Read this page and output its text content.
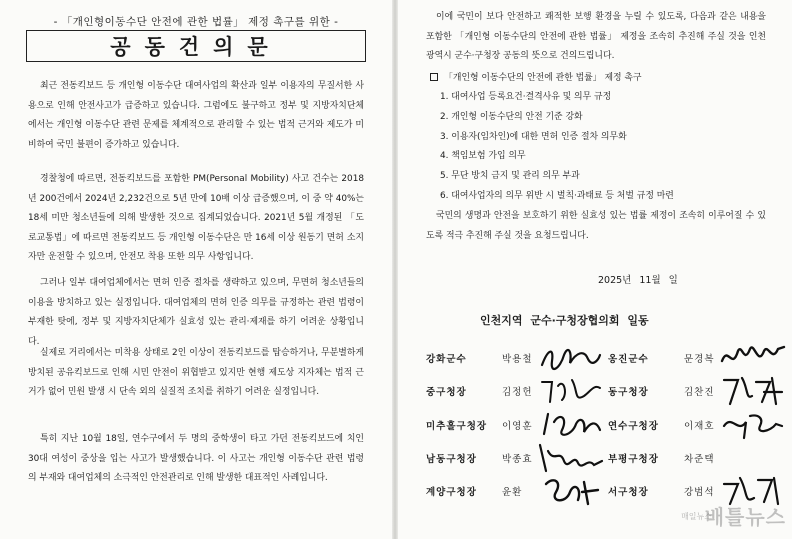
- 「개인형이동수단 안전에 관한 법률」 제정 촉구를 위한 -
공동건의문

최근 전동킥보드 등 개인형 이동수단 대여사업의 확산과 일부 이용자의 무질서한 사용으로 인해 안전사고가 급증하고 있습니다. 그럼에도 불구하고 정부 및 지방자치단체에서는 개인형 이동수단 관련 문제를 체계적으로 관리할 수 있는 법적 근거와 제도가 미비하여 국민 불편이 증가하고 있습니다.

경찰청에 따르면, 전동킥보드를 포함한 PM(Personal Mobility) 사고 건수는 2018년 200건에서 2024년 2,232건으로 5년 만에 10배 이상 급증했으며, 이 중 약 40%는 18세 미만 청소년들에 의해 발생한 것으로 집계되었습니다. 2021년 5월 개정된 「도로교통법」에 따르면 전동킥보드 등 개인형 이동수단은 만 16세 이상 원동기 면허 소지자만 운전할 수 있으며, 안전모 착용 또한 의무 사항입니다.

그러나 일부 대여업체에서는 면허 인증 절차를 생략하고 있으며, 무면허 청소년들의 이용을 방치하고 있는 실정입니다. 대여업체의 면허 인증 의무를 규정하는 관련 법령이 부재한 탓에, 정부 및 지방자치단체가 실효성 있는 관리·제재를 하기 어려운 상황입니다.

실제로 거리에서는 미착용 상태로 2인 이상이 전동킥보드를 탑승하거나, 무분별하게 방치된 공유킥보드로 인해 시민 안전이 위협받고 있지만 현행 제도상 지자체는 법적 근거가 없어 민원 발생 시 단속 외의 실질적 조치를 취하기 어려운 실정입니다.

특히 지난 10월 18일, 연수구에서 두 명의 중학생이 타고 가던 전동킥보드에 치인 30대 여성이 중상을 입는 사고가 발생했습니다. 이 사고는 개인형 이동수단 관련 법령의 부재와 대여업체의 소극적인 안전관리로 인해 발생한 대표적인 사례입니다.

이에 국민이 보다 안전하고 쾌적한 보행 환경을 누릴 수 있도록, 다음과 같은 내용을 포함한 「개인형 이동수단의 안전에 관한 법률」 제정을 조속히 추진해 주실 것을 인천광역시 군수·구청장 공동의 뜻으로 건의드립니다.

「개인형 이동수단의 안전에 관한 법률」 제정 촉구
1. 대여사업 등록요건·결격사유 및 의무 규정
2. 개인형 이동수단의 안전 기준 강화
3. 이용자(임차인)에 대한 면허 인증 절차 의무화
4. 책임보험 가입 의무
5. 무단 방치 금지 및 관리 의무 부과
6. 대여사업자의 의무 위반 시 벌칙·과태료 등 처벌 규정 마련

국민의 생명과 안전을 보호하기 위한 실효성 있는 법률 제정이 조속히 이루어질 수 있도록 적극 추진해 주실 것을 요청드립니다.

2025년 11월 일
인천지역 군수·구청장협의회 일동
강화군수	박용철	옹진군수	문경복
중구청장	김정헌	동구청장	김찬진
미추홀구청장	이영훈	연수구청장	이재호
남동구청장	박종효	부평구청장	차준택
계양구청장	윤환	서구청장	강범석
매일뉴스
배틀뉴스
